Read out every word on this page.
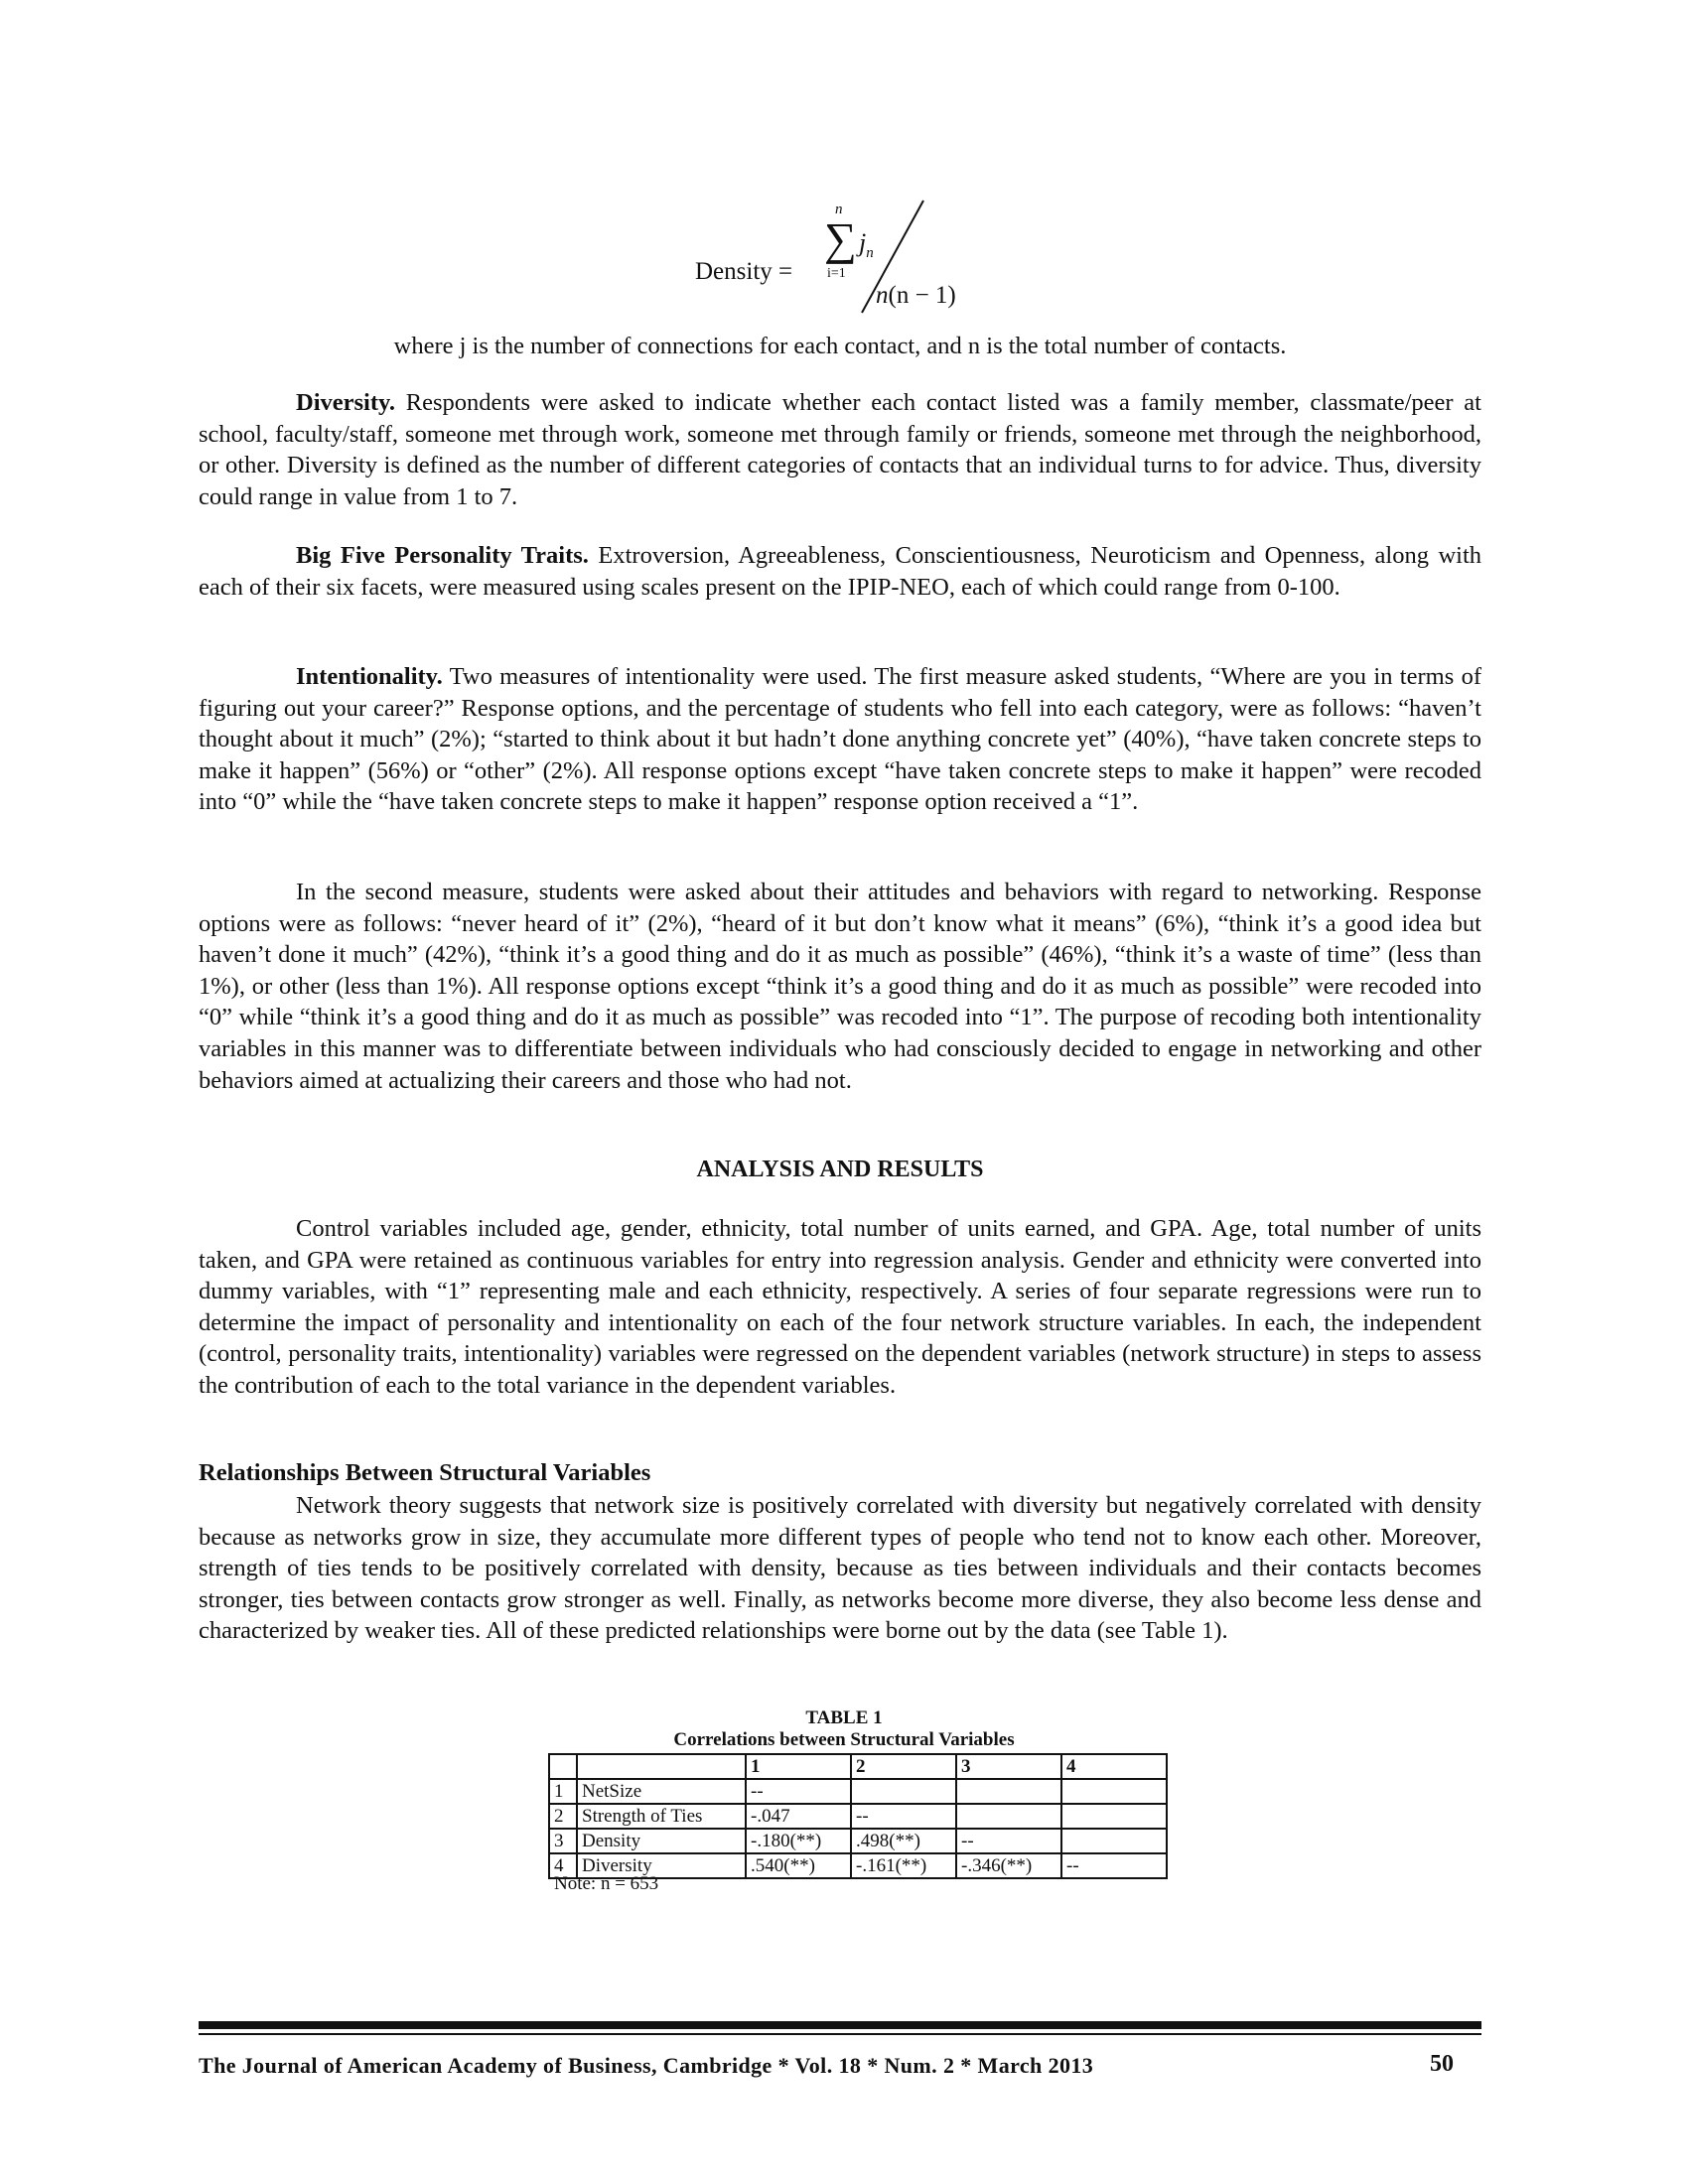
Density =
n
∑
i=1
$j_n$
n(n − 1)
where j is the number of connections for each contact, and n is the total number of contacts.
Diversity. Respondents were asked to indicate whether each contact listed was a family member, classmate/peer at school, faculty/staff, someone met through work, someone met through family or friends, someone met through the neighborhood, or other. Diversity is defined as the number of different categories of contacts that an individual turns to for advice. Thus, diversity could range in value from 1 to 7.
Big Five Personality Traits. Extroversion, Agreeableness, Conscientiousness, Neuroticism and Openness, along with each of their six facets, were measured using scales present on the IPIP-NEO, each of which could range from 0-100.
Intentionality. Two measures of intentionality were used. The first measure asked students, “Where are you in terms of figuring out your career?” Response options, and the percentage of students who fell into each category, were as follows: “haven’t thought about it much” (2%); “started to think about it but hadn’t done anything concrete yet” (40%), “have taken concrete steps to make it happen” (56%) or “other” (2%). All response options except “have taken concrete steps to make it happen” were recoded into “0” while the “have taken concrete steps to make it happen” response option received a “1”.
In the second measure, students were asked about their attitudes and behaviors with regard to networking. Response options were as follows: “never heard of it” (2%), “heard of it but don’t know what it means” (6%), “think it’s a good idea but haven’t done it much” (42%), “think it’s a good thing and do it as much as possible” (46%), “think it’s a waste of time” (less than 1%), or other (less than 1%). All response options except “think it’s a good thing and do it as much as possible” were recoded into “0” while “think it’s a good thing and do it as much as possible” was recoded into “1”. The purpose of recoding both intentionality variables in this manner was to differentiate between individuals who had consciously decided to engage in networking and other behaviors aimed at actualizing their careers and those who had not.
ANALYSIS AND RESULTS
Control variables included age, gender, ethnicity, total number of units earned, and GPA. Age, total number of units taken, and GPA were retained as continuous variables for entry into regression analysis. Gender and ethnicity were converted into dummy variables, with “1” representing male and each ethnicity, respectively. A series of four separate regressions were run to determine the impact of personality and intentionality on each of the four network structure variables. In each, the independent (control, personality traits, intentionality) variables were regressed on the dependent variables (network structure) in steps to assess the contribution of each to the total variance in the dependent variables.
Relationships Between Structural Variables
Network theory suggests that network size is positively correlated with diversity but negatively correlated with density because as networks grow in size, they accumulate more different types of people who tend not to know each other. Moreover, strength of ties tends to be positively correlated with density, because as ties between individuals and their contacts becomes stronger, ties between contacts grow stronger as well. Finally, as networks become more diverse, they also become less dense and characterized by weaker ties. All of these predicted relationships were borne out by the data (see Table 1).
TABLE 1
Correlations between Structural Variables
		1	2	3	4
1	NetSize	--			
2	Strength of Ties	-.047	--		
3	Density	-.180(**)	.498(**)	--	
4	Diversity	.540(**)	-.161(**)	-.346(**)	--
Note: n = 653
The Journal of American Academy of Business, Cambridge * Vol. 18 * Num. 2 * March 2013	50
